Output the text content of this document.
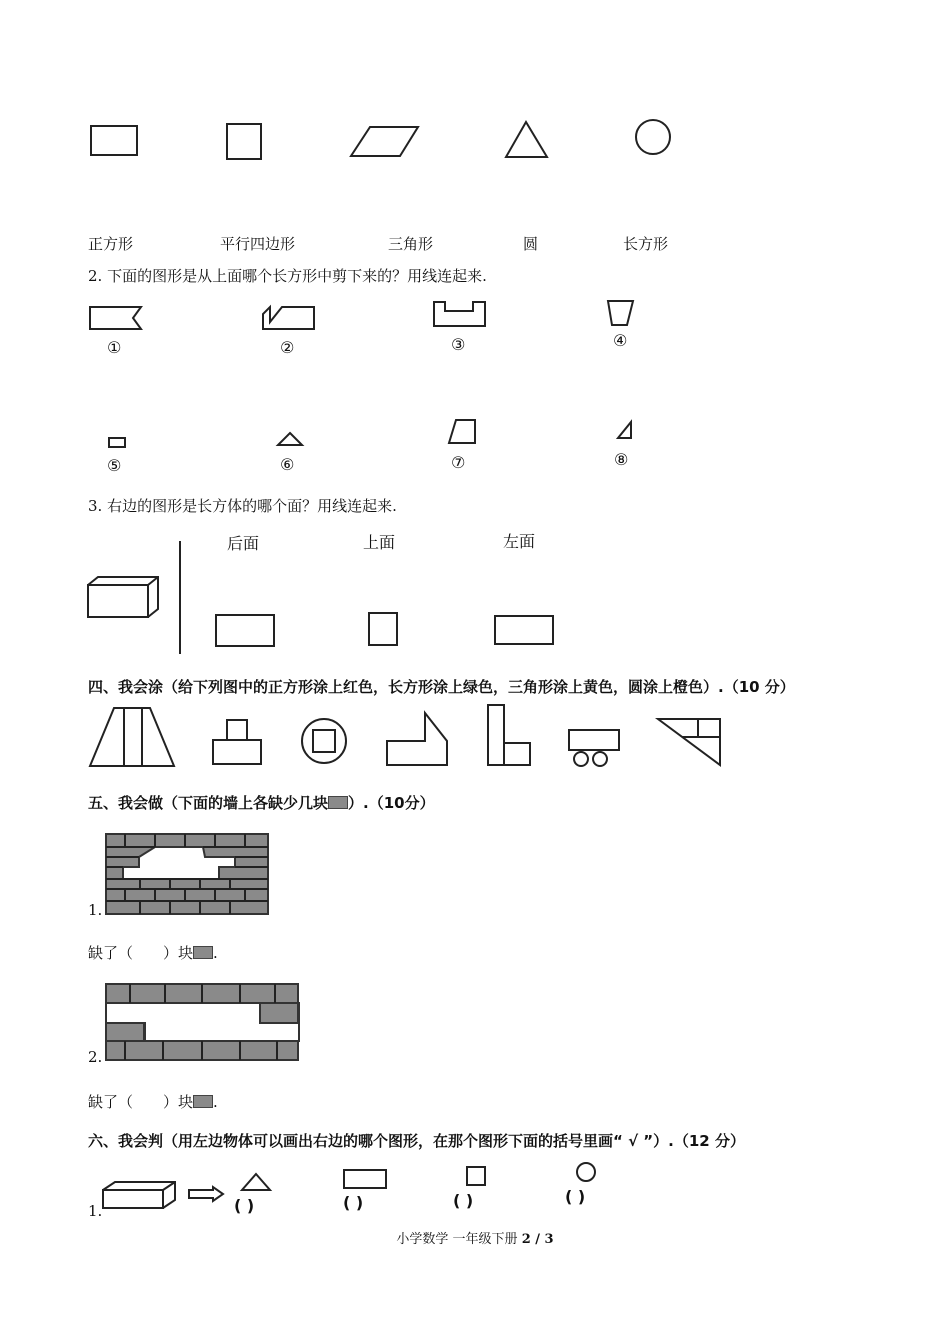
正方形	平行四边形	三角形	圆	长方形
2. 下面的图形是从上面哪个长方形中剪下来的？用线连起来.
①	②	③	④
⑤	⑥	⑦	⑧
3. 右边的图形是长方体的哪个面？用线连起来.
后面	上面	左面
四、我会涂（给下列图中的正方形涂上红色，长方形涂上绿色，三角形涂上黄色，圆涂上橙色）.（10 分）
五、我会做（下面的墙上各缺少几块 ）.（10分）
1.
缺了（ ）块 .
2.
缺了（ ）块 .
六、我会判（用左边物体可以画出右边的哪个图形，在那个图形下面的括号里画“ √ ”）.（12 分）
1.	( )	( )	( )	( )
小学数学 一年级下册 2 / 3
